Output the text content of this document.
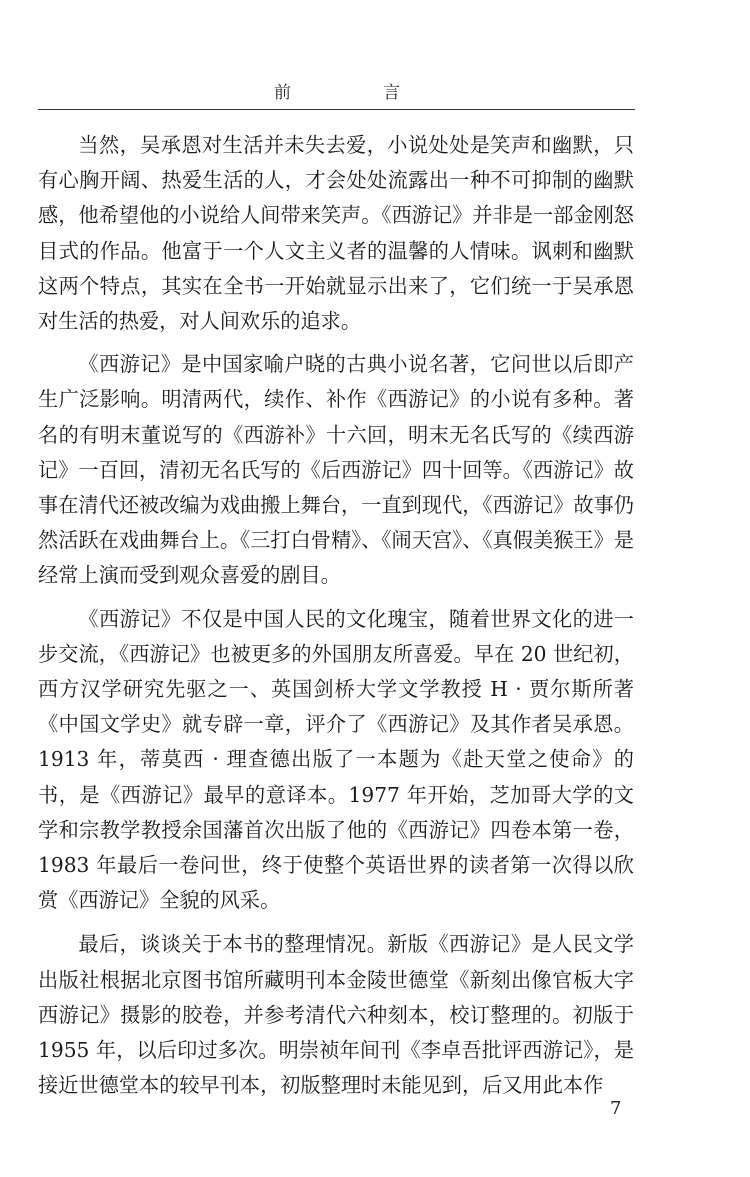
前	言

当然，吴承恩对生活并未失去爱，小说处处是笑声和幽默，只有心胸开阔、热爱生活的人，才会处处流露出一种不可抑制的幽默感，他希望他的小说给人间带来笑声。《西游记》并非是一部金刚怒目式的作品。他富于一个人文主义者的温馨的人情味。讽刺和幽默这两个特点，其实在全书一开始就显示出来了，它们统一于吴承恩对生活的热爱，对人间欢乐的追求。

《西游记》是中国家喻户晓的古典小说名著，它问世以后即产生广泛影响。明清两代，续作、补作《西游记》的小说有多种。著名的有明末董说写的《西游补》十六回，明末无名氏写的《续西游记》一百回，清初无名氏写的《后西游记》四十回等。《西游记》故事在清代还被改编为戏曲搬上舞台，一直到现代，《西游记》故事仍然活跃在戏曲舞台上。《三打白骨精》、《闹天宫》、《真假美猴王》是经常上演而受到观众喜爱的剧目。

《西游记》不仅是中国人民的文化瑰宝，随着世界文化的进一步交流，《西游记》也被更多的外国朋友所喜爱。早在 20 世纪初，西方汉学研究先驱之一、英国剑桥大学文学教授 H · 贾尔斯所著《中国文学史》就专辟一章，评介了《西游记》及其作者吴承恩。1913 年，蒂莫西 · 理查德出版了一本题为《赴天堂之使命》的书，是《西游记》最早的意译本。1977 年开始，芝加哥大学的文学和宗教学教授余国藩首次出版了他的《西游记》四卷本第一卷，1983 年最后一卷问世，终于使整个英语世界的读者第一次得以欣赏《西游记》全貌的风采。

最后，谈谈关于本书的整理情况。新版《西游记》是人民文学出版社根据北京图书馆所藏明刊本金陵世德堂《新刻出像官板大字西游记》摄影的胶卷，并参考清代六种刻本，校订整理的。初版于 1955 年，以后印过多次。明崇祯年间刊《李卓吾批评西游记》，是接近世德堂本的较早刊本，初版整理时未能见到，后又用此本作

7
